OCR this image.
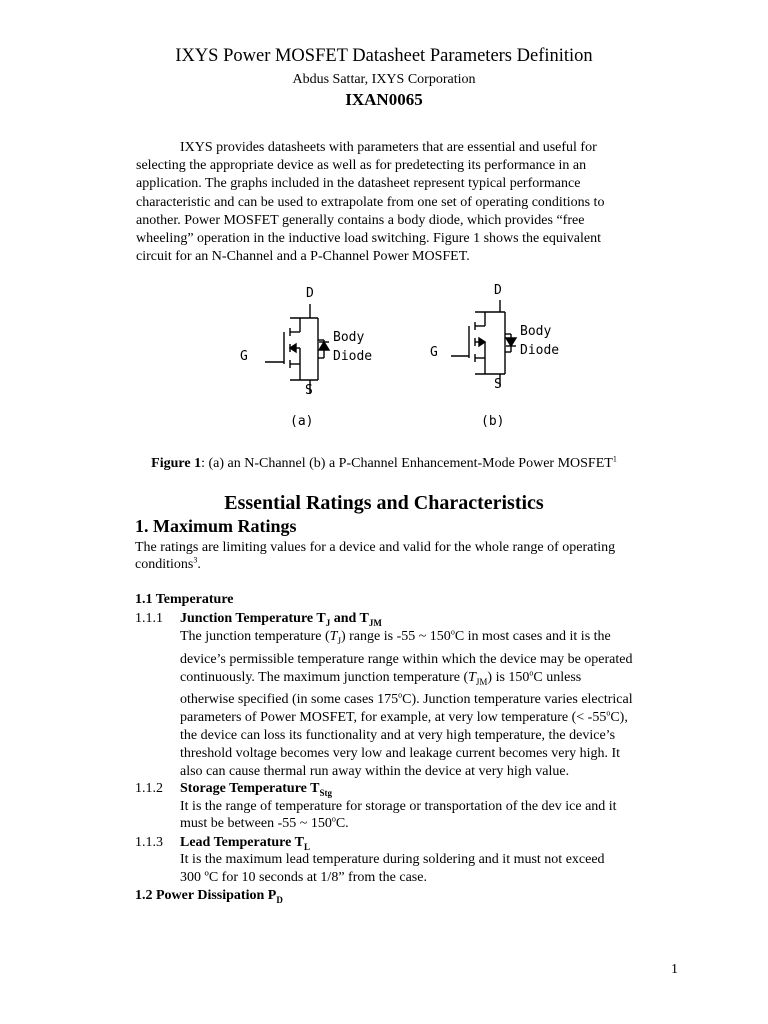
IXYS Power MOSFET Datasheet Parameters Definition
Abdus Sattar, IXYS Corporation
IXAN0065

IXYS provides datasheets with parameters that are essential and useful for selecting the appropriate device as well as for predetecting its performance in an application. The graphs included in the datasheet represent typical performance characteristic and can be used to extrapolate from one set of operating conditions to another. Power MOSFET generally contains a body diode, which provides “free wheeling” operation in the inductive load switching. Figure 1 shows the equivalent circuit for an N-Channel and a P-Channel Power MOSFET.

D
G
S
Body
Diode
(a)
D
G
S
Body
Diode
(b)
Figure 1: (a) an N-Channel (b) a P-Channel Enhancement-Mode Power MOSFET$^1$
Essential Ratings and Characteristics
1. Maximum Ratings

The ratings are limiting values for a device and valid for the whole range of operating conditions$^3$.

1.1 Temperature
1.1.1 Junction Temperature $T_J$ and $T_{JM}$
The junction temperature $(T_J)$ range is -55 ~ 150$^o$C in most cases and it is the
device’s permissible temperature range within which the device may be operated
continuously. The maximum junction temperature $(T_{JM})$ is 150$^o$C unless
otherwise specified (in some cases 175$^o$C). Junction temperature varies electrical
parameters of Power MOSFET, for example, at very low temperature (< $-55^oC$),
the device can loss its functionality and at very high temperature, the device’s
threshold voltage becomes very low and leakage current becomes very high. It
also can cause thermal run away within the device at very high value.
1.1.2 Storage Temperature $T_{Stg}$
It is the range of temperature for storage or transportation of the dev ice and it
must be between -55 ~ 150$^o$C.
1.1.3 Lead Temperature $T_L$
It is the maximum lead temperature during soldering and it must not exceed
300 ºC for 10 seconds at 1/8” from the case.
1.2 Power Dissipation $P_D$
1
